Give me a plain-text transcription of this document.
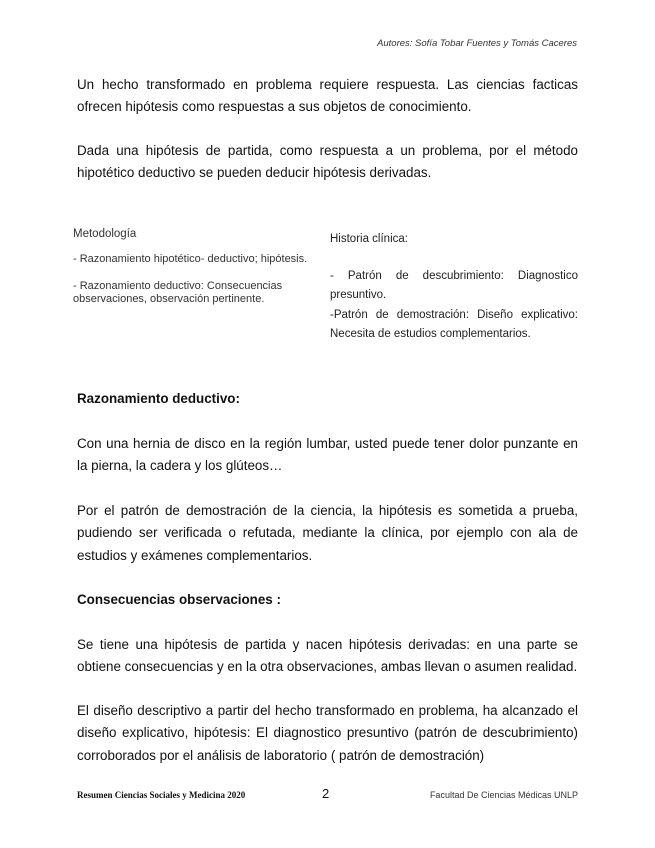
Autores: Sofía Tobar Fuentes y Tomás Caceres
Un hecho transformado en problema requiere respuesta. Las ciencias facticas ofrecen hipótesis como respuestas a sus objetos de conocimiento.
Dada una hipótesis de partida, como respuesta a un problema, por el método hipotético deductivo se pueden deducir hipótesis derivadas.
Metodología
- Razonamiento hipotético- deductivo; hipótesis.
- Razonamiento deductivo: Consecuencias observaciones, observación pertinente.
Historia clínica:
- Patrón de descubrimiento: Diagnostico presuntivo.
-Patrón de demostración: Diseño explicativo: Necesita de estudios complementarios.
Razonamiento deductivo:
Con una hernia de disco en la región lumbar, usted puede tener dolor punzante en la pierna, la cadera y los glúteos…
Por el patrón de demostración de la ciencia, la hipótesis es sometida a prueba, pudiendo ser verificada o refutada, mediante la clínica, por ejemplo con ala de estudios y exámenes complementarios.
Consecuencias observaciones :
Se tiene una hipótesis de partida y nacen hipótesis derivadas: en una parte se obtiene consecuencias y en la otra observaciones, ambas llevan o asumen realidad.
El diseño descriptivo a partir del hecho transformado en problema, ha alcanzado el diseño explicativo, hipótesis: El diagnostico presuntivo (patrón de descubrimiento) corroborados por el análisis de laboratorio ( patrón de demostración)
Resumen Ciencias Sociales y Medicina 2020	2	Facultad De Ciencias Médicas UNLP
